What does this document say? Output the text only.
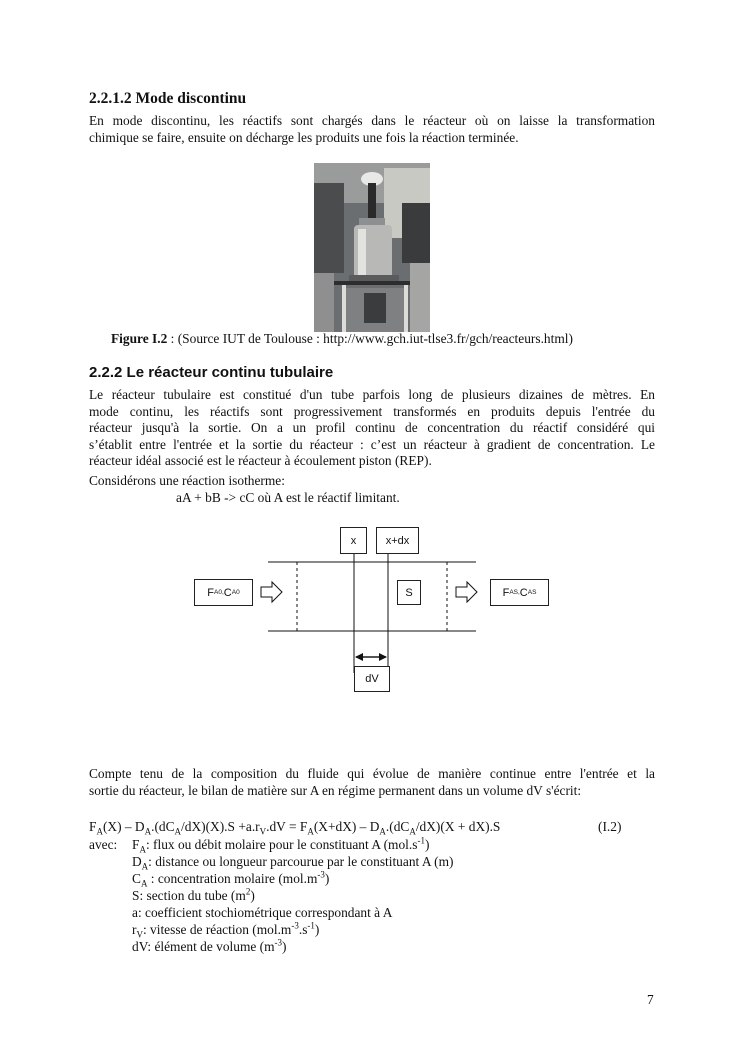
2.2.1.2 Mode discontinu
En mode discontinu, les réactifs sont chargés dans le réacteur où on laisse la transformation
chimique se faire, ensuite on décharge les produits une fois la réaction terminée.
Figure I.2 : (Source IUT de Toulouse : http://www.gch.iut-tlse3.fr/gch/reacteurs.html)
2.2.2 Le réacteur continu tubulaire
Le réacteur tubulaire est constitué d'un tube parfois long de plusieurs dizaines de mètres. En
mode continu, les réactifs sont progressivement transformés en produits depuis l'entrée du
réacteur jusqu'à la sortie. On a un profil continu de concentration du réactif considéré qui
s’établit entre l'entrée et la sortie du réacteur : c’est un réacteur à gradient de concentration. Le
réacteur idéal associé est le réacteur à écoulement piston (REP).
Considérons une réaction isotherme:
aA + bB -> cC où A est le réactif limitant.
x	x+dx
S
dV
F A0, C A0	F AS, C AS
Compte tenu de la composition du fluide qui évolue de manière continue entre l'entrée et la
sortie du réacteur, le bilan de matière sur A en régime permanent dans un volume dV s'écrit:
$F_A(X) - D_A.(dC_A/dX)(X).S +a.r_V.dV = F_A(X+dX) - D_A.(dC_A/dX)(X + dX).S$	(I.2)
avec: $F_A$: flux ou débit molaire pour le constituant A $(mol.s^{-1})$
$D_A$: distance ou longueur parcourue par le constituant A (m)
$C_A$ : concentration molaire $(mol.m^{-3})$
S: section du tube $(m^2)$
a: coefficient stochiométrique correspondant à A
$r_V$: vitesse de réaction $(mol.m^{-3}.s^{-1})$
dV: élément de volume $(m^{-3})$
7
